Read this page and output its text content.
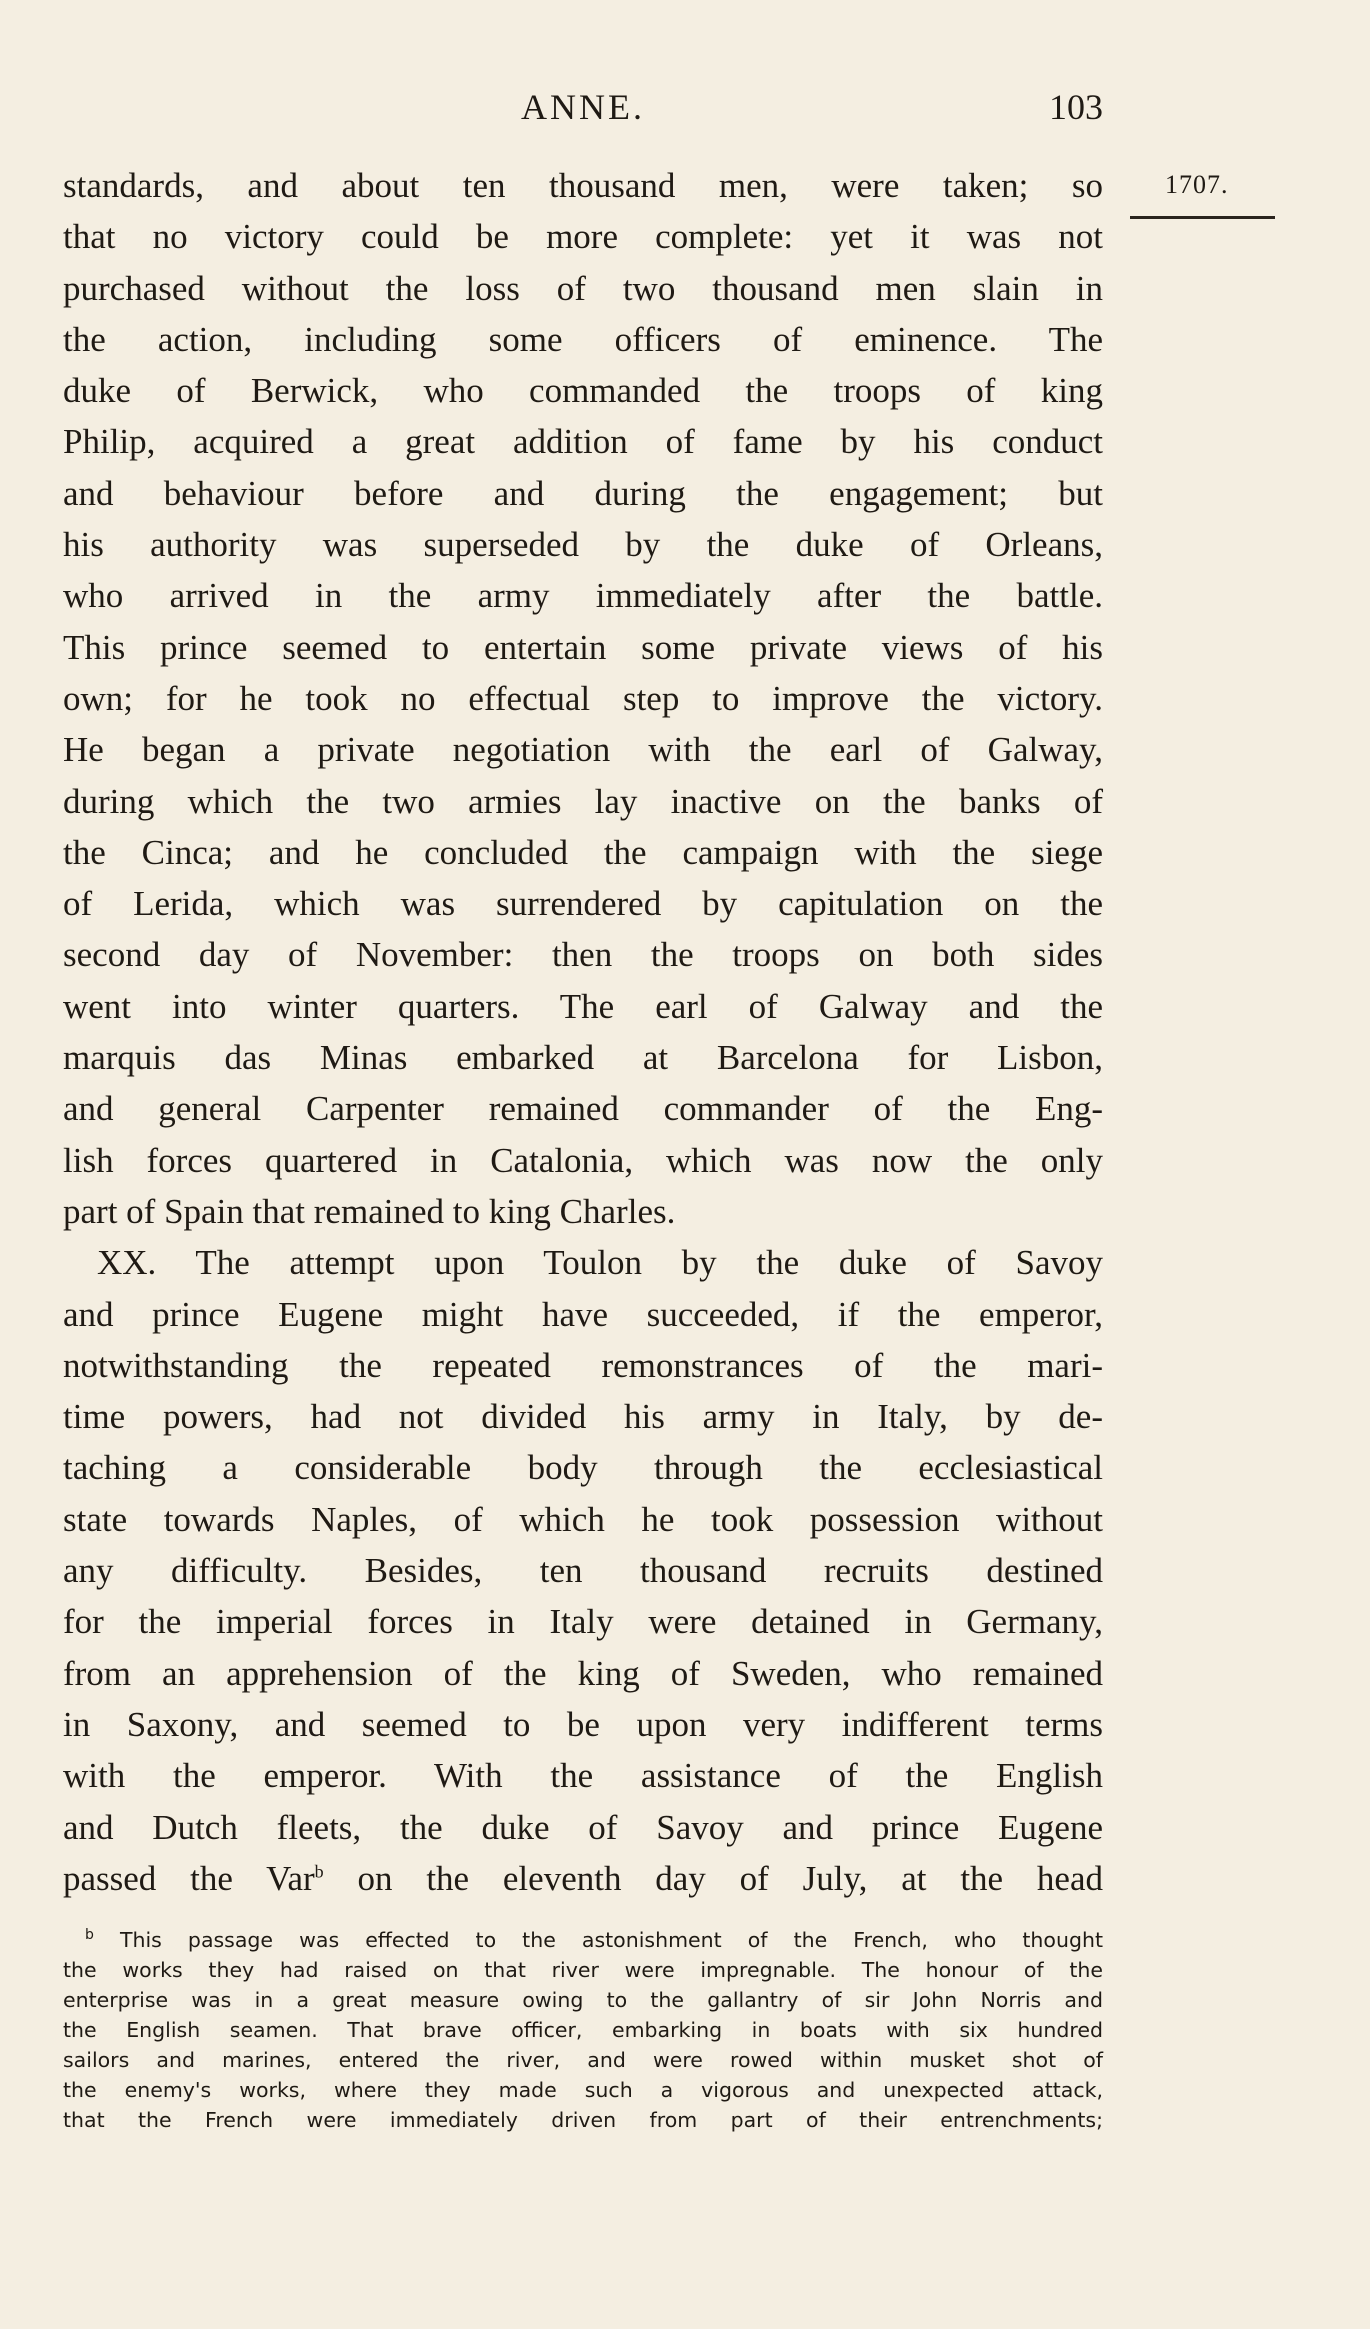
ANNE.	103
1707.
standards, and about ten thousand men, were taken; so
that no victory could be more complete: yet it was not
purchased without the loss of two thousand men slain in
the action, including some officers of eminence. The
duke of Berwick, who commanded the troops of king
Philip, acquired a great addition of fame by his conduct
and behaviour before and during the engagement; but
his authority was superseded by the duke of Orleans,
who arrived in the army immediately after the battle.
This prince seemed to entertain some private views of his
own; for he took no effectual step to improve the victory.
He began a private negotiation with the earl of Galway,
during which the two armies lay inactive on the banks of
the Cinca; and he concluded the campaign with the siege
of Lerida, which was surrendered by capitulation on the
second day of November: then the troops on both sides
went into winter quarters. The earl of Galway and the
marquis das Minas embarked at Barcelona for Lisbon,
and general Carpenter remained commander of the Eng-
lish forces quartered in Catalonia, which was now the only
part of Spain that remained to king Charles.
XX. The attempt upon Toulon by the duke of Savoy
and prince Eugene might have succeeded, if the emperor,
notwithstanding the repeated remonstrances of the mari-
time powers, had not divided his army in Italy, by de-
taching a considerable body through the ecclesiastical
state towards Naples, of which he took possession without
any difficulty. Besides, ten thousand recruits destined
for the imperial forces in Italy were detained in Germany,
from an apprehension of the king of Sweden, who remained
in Saxony, and seemed to be upon very indifferent terms
with the emperor. With the assistance of the English
and Dutch fleets, the duke of Savoy and prince Eugene
passed the Var$^b$ on the eleventh day of July, at the head
$^b$ This passage was effected to the astonishment of the French, who thought
the works they had raised on that river were impregnable. The honour of the
enterprise was in a great measure owing to the gallantry of sir John Norris and
the English seamen. That brave officer, embarking in boats with six hundred
sailors and marines, entered the river, and were rowed within musket shot of
the enemy's works, where they made such a vigorous and unexpected attack,
that the French were immediately driven from part of their entrenchments;
